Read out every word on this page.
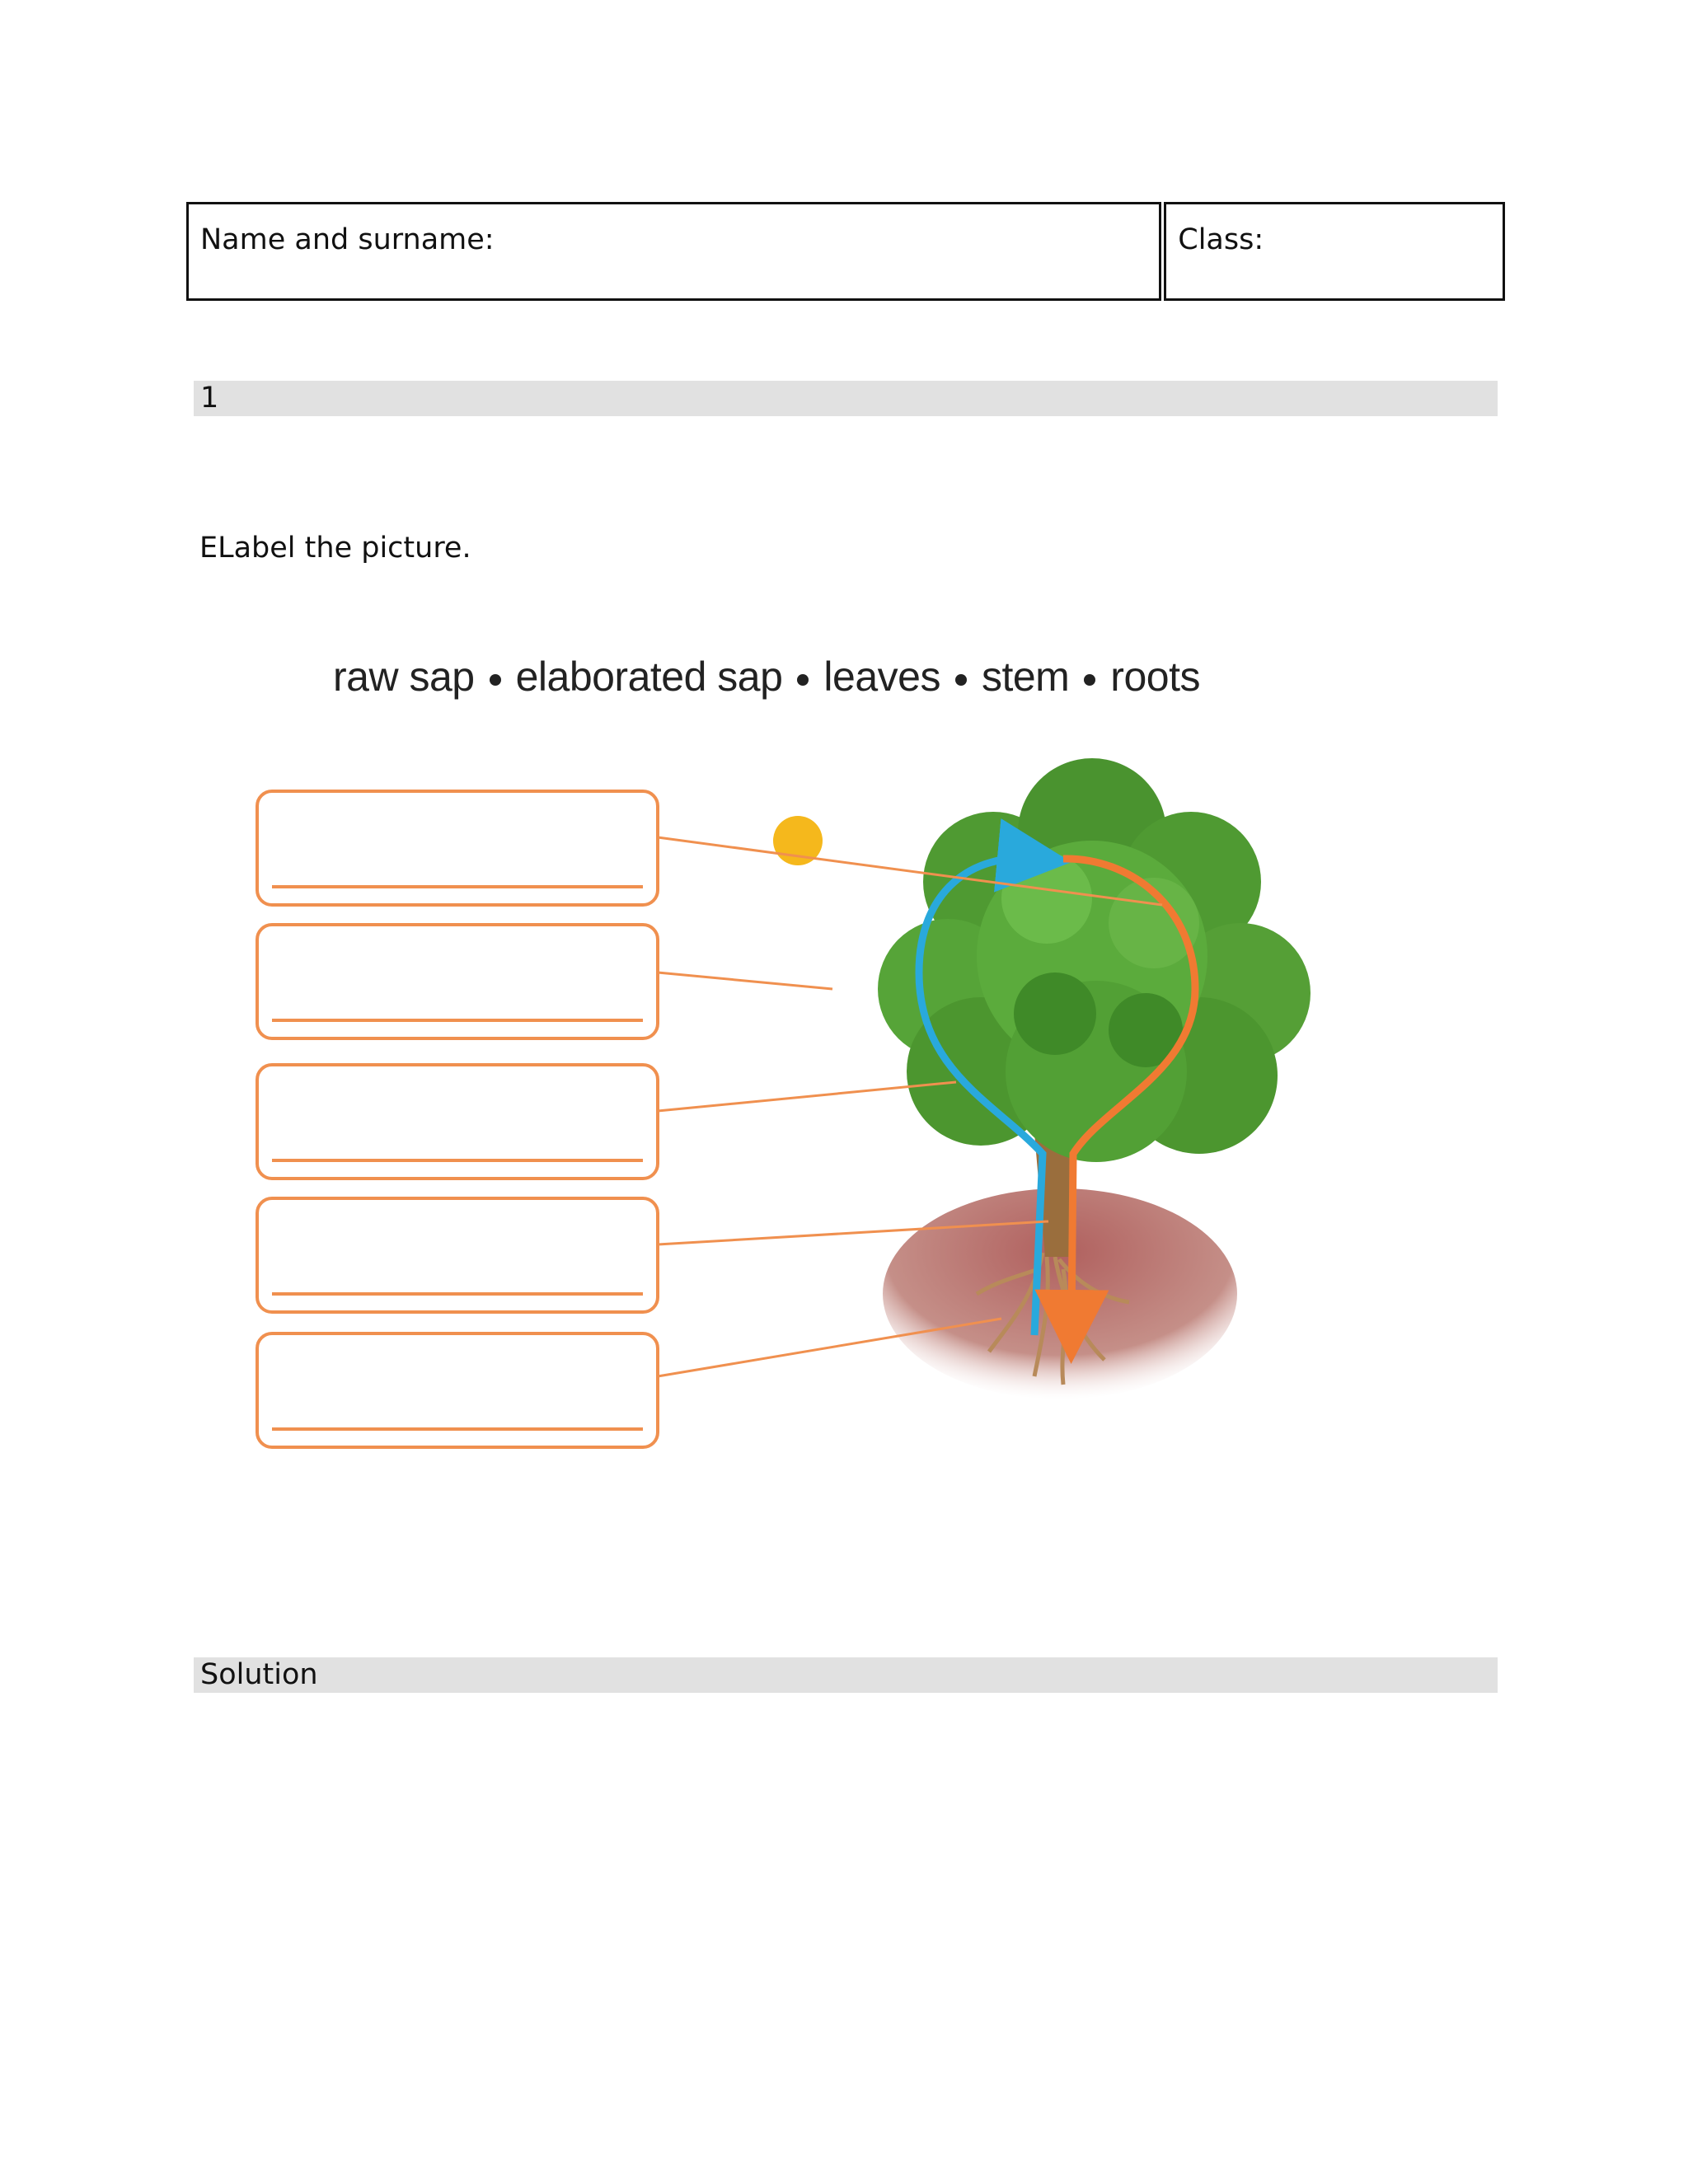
Name and surname:	Class:
1
ELabel the picture.
raw sap elaborated sap leaves stem roots
Solution
